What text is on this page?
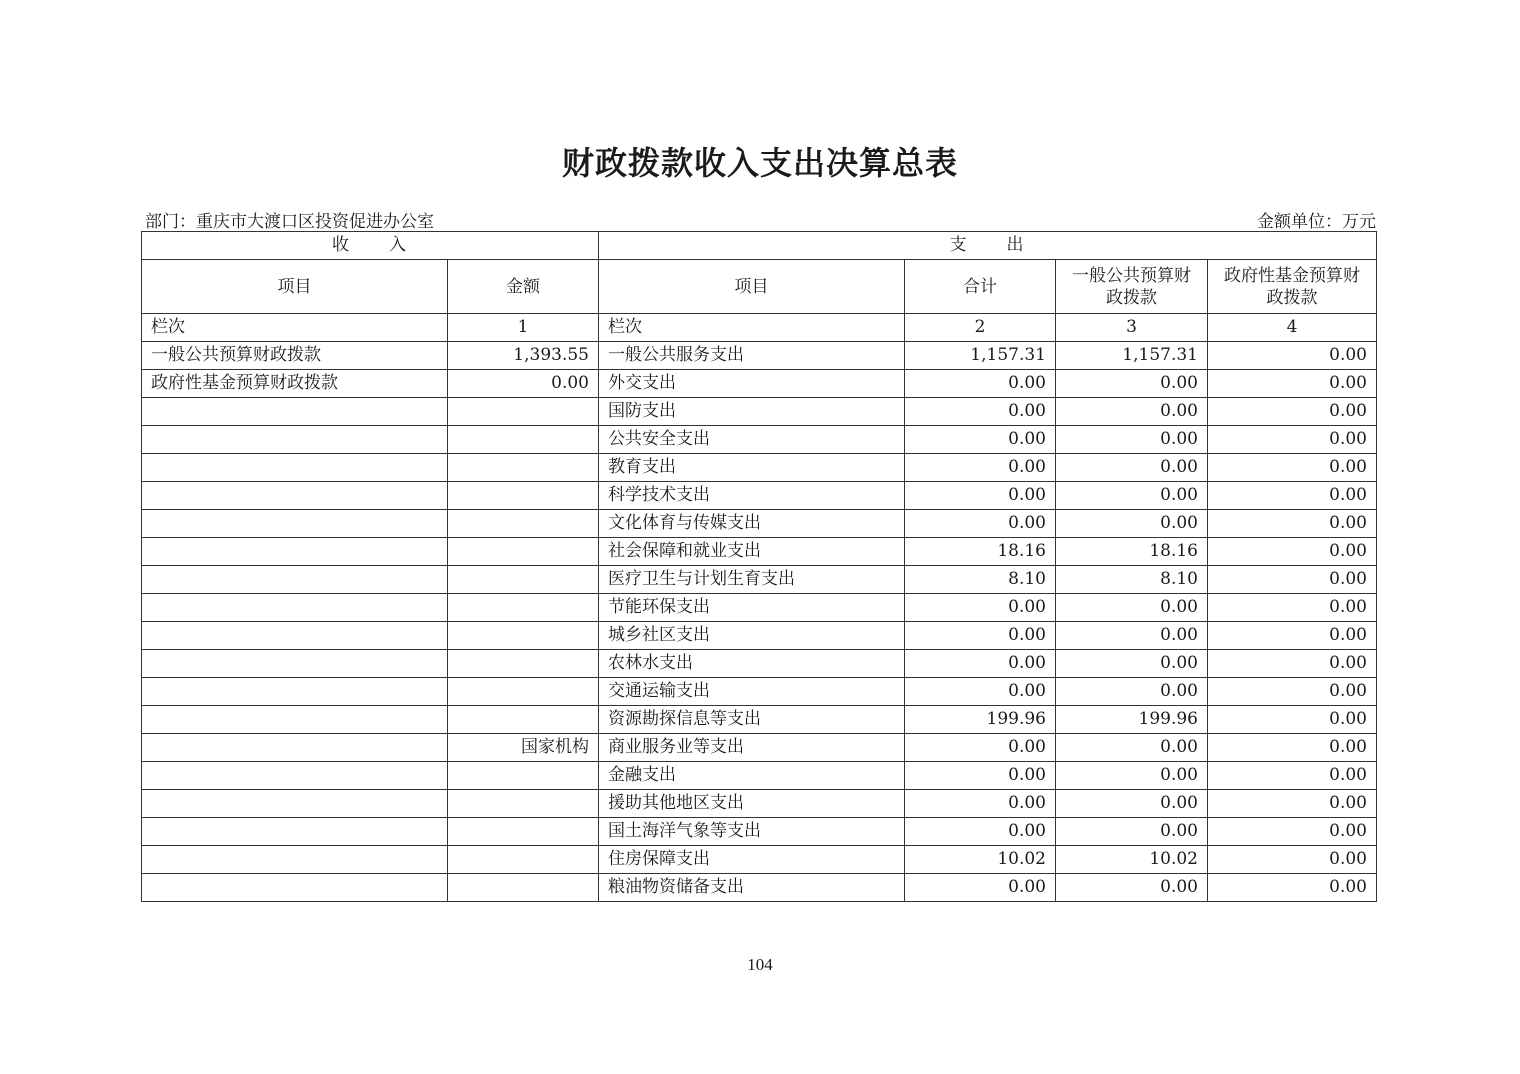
财政拨款收入支出决算总表
部门：重庆市大渡口区投资促进办公室	金额单位：万元
收　　入		支　　出			
项目	金额	项目	合计	一般公共预算财政拨款	政府性基金预算财政拨款
栏次	1	栏次	2	3	4
一般公共预算财政拨款	1,393.55	一般公共服务支出	1,157.31	1,157.31	0.00
政府性基金预算财政拨款	0.00	外交支出	0.00	0.00	0.00
		国防支出	0.00	0.00	0.00
		公共安全支出	0.00	0.00	0.00
		教育支出	0.00	0.00	0.00
		科学技术支出	0.00	0.00	0.00
		文化体育与传媒支出	0.00	0.00	0.00
		社会保障和就业支出	18.16	18.16	0.00
		医疗卫生与计划生育支出	8.10	8.10	0.00
		节能环保支出	0.00	0.00	0.00
		城乡社区支出	0.00	0.00	0.00
		农林水支出	0.00	0.00	0.00
		交通运输支出	0.00	0.00	0.00
		资源勘探信息等支出	199.96	199.96	0.00
	国家机构	商业服务业等支出	0.00	0.00	0.00
		金融支出	0.00	0.00	0.00
		援助其他地区支出	0.00	0.00	0.00
		国土海洋气象等支出	0.00	0.00	0.00
		住房保障支出	10.02	10.02	0.00
		粮油物资储备支出	0.00	0.00	0.00
104
